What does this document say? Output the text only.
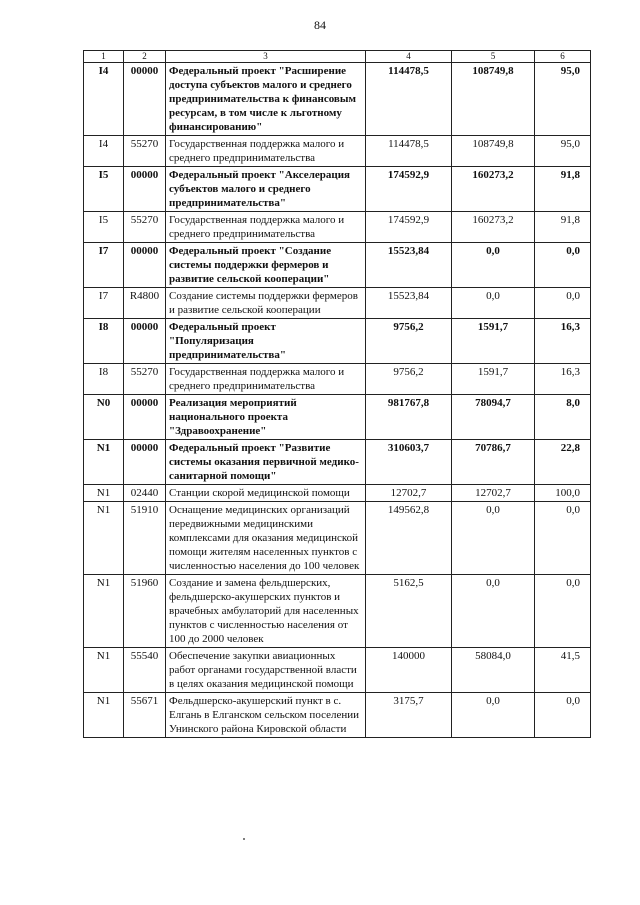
84
1	2	3	4	5	6
I4	00000	Федеральный проект "Расширение доступа субъектов малого и среднего предпринимательства к финансовым ресурсам, в том числе к льготному финансированию"	114478,5	108749,8	95,0
I4	55270	Государственная поддержка малого и среднего предпринимательства	114478,5	108749,8	95,0
I5	00000	Федеральный проект "Акселерация субъектов малого и среднего предпринимательства"	174592,9	160273,2	91,8
I5	55270	Государственная поддержка малого и среднего предпринимательства	174592,9	160273,2	91,8
I7	00000	Федеральный проект "Создание системы поддержки фермеров и развитие сельской кооперации"	15523,84	0,0	0,0
I7	R4800	Создание системы поддержки фермеров и развитие сельской кооперации	15523,84	0,0	0,0
I8	00000	Федеральный проект "Популяризация предпринимательства"	9756,2	1591,7	16,3
I8	55270	Государственная поддержка малого и среднего предпринимательства	9756,2	1591,7	16,3
N0	00000	Реализация мероприятий национального проекта "Здравоохранение"	981767,8	78094,7	8,0
N1	00000	Федеральный проект "Развитие системы оказания первичной медико-санитарной помощи"	310603,7	70786,7	22,8
N1	02440	Станции скорой медицинской помощи	12702,7	12702,7	100,0
N1	51910	Оснащение медицинских организаций передвижными медицинскими комплексами для оказания медицинской помощи жителям населенных пунктов с численностью населения до 100 человек	149562,8	0,0	0,0
N1	51960	Создание и замена фельдшерских, фельдшерско-акушерских пунктов и врачебных амбулаторий для населенных пунктов с численностью населения от 100 до 2000 человек	5162,5	0,0	0,0
N1	55540	Обеспечение закупки авиационных работ органами государственной власти в целях оказания медицинской помощи	140000	58084,0	41,5
N1	55671	Фельдшерско-акушерский пункт в с. Елгань в Елганском сельском поселении Унинского района Кировской области	3175,7	0,0	0,0
